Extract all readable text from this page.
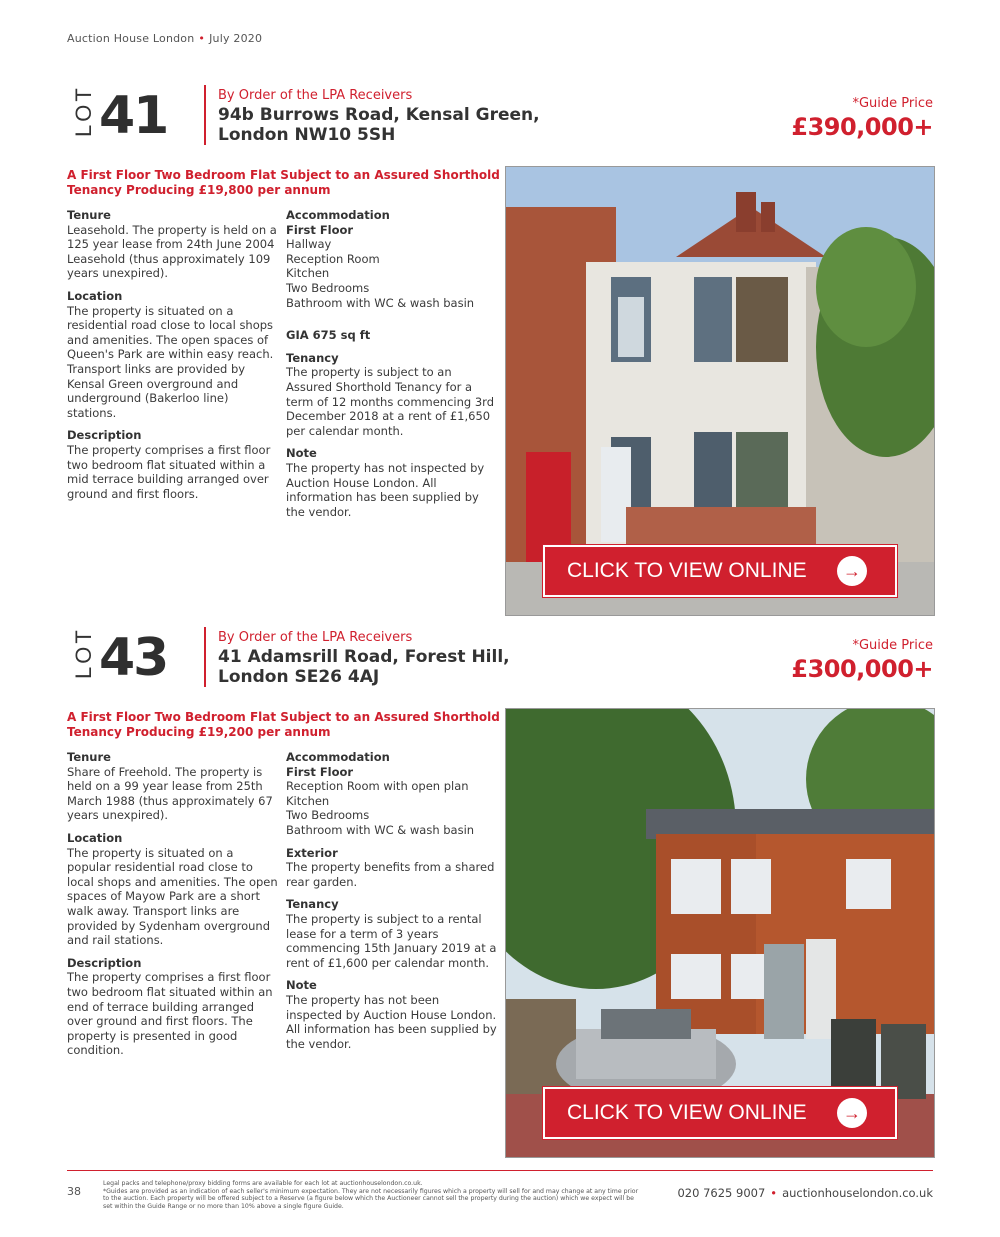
Auction House London • July 2020
LOT 41	By Order of the LPA Receivers
94b Burrows Road, Kensal Green,
London NW10 5SH
*Guide Price
£390,000+
A First Floor Two Bedroom Flat Subject to an Assured Shorthold
Tenancy Producing £19,800 per annum
Tenure

Leasehold. The property is held on a 125 year lease from 24th June 2004 Leasehold (thus approximately 109 years unexpired).

Location

The property is situated on a residential road close to local shops and amenities. The open spaces of Queen's Park are within easy reach. Transport links are provided by Kensal Green overground and underground (Bakerloo line) stations.

Description

The property comprises a first floor two bedroom flat situated within a mid terrace building arranged over ground and first floors.

Accommodation
First Floor
Hallway
Reception Room
Kitchen
Two Bedrooms
Bathroom with WC & wash basin
GIA 675 sq ft
Tenancy

The property is subject to an Assured Shorthold Tenancy for a term of 12 months commencing 3rd December 2018 at a rent of £1,650 per calendar month.

Note

The property has not inspected by Auction House London. All information has been supplied by the vendor.

CLICK TO VIEW ONLINE	→
LOT 43	By Order of the LPA Receivers
41 Adamsrill Road, Forest Hill,
London SE26 4AJ
*Guide Price
£300,000+
A First Floor Two Bedroom Flat Subject to an Assured Shorthold
Tenancy Producing £19,200 per annum
Tenure

Share of Freehold. The property is held on a 99 year lease from 25th March 1988 (thus approximately 67 years unexpired).

Location

The property is situated on a popular residential road close to local shops and amenities. The open spaces of Mayow Park are a short walk away. Transport links are provided by Sydenham overground and rail stations.

Description

The property comprises a first floor two bedroom flat situated within an end of terrace building arranged over ground and first floors. The property is presented in good condition.

Accommodation
First Floor
Reception Room with open plan
Kitchen
Two Bedrooms
Bathroom with WC & wash basin
Exterior

The property benefits from a shared rear garden.

Tenancy

The property is subject to a rental lease for a term of 3 years commencing 15th January 2019 at a rent of £1,600 per calendar month.

Note

The property has not been inspected by Auction House London. All information has been supplied by the vendor.

CLICK TO VIEW ONLINE	→
38
Legal packs and telephone/proxy bidding forms are available for each lot at auctionhouselondon.co.uk.
*Guides are provided as an indication of each seller's minimum expectation. They are not necessarily figures which a property will sell for and may change at any time prior to the auction. Each property will be offered subject to a Reserve (a figure below which the Auctioneer cannot sell the property during the auction) which we expect will be set within the Guide Range or no more than 10% above a single figure Guide.
020 7625 9007 • auctionhouselondon.co.uk
